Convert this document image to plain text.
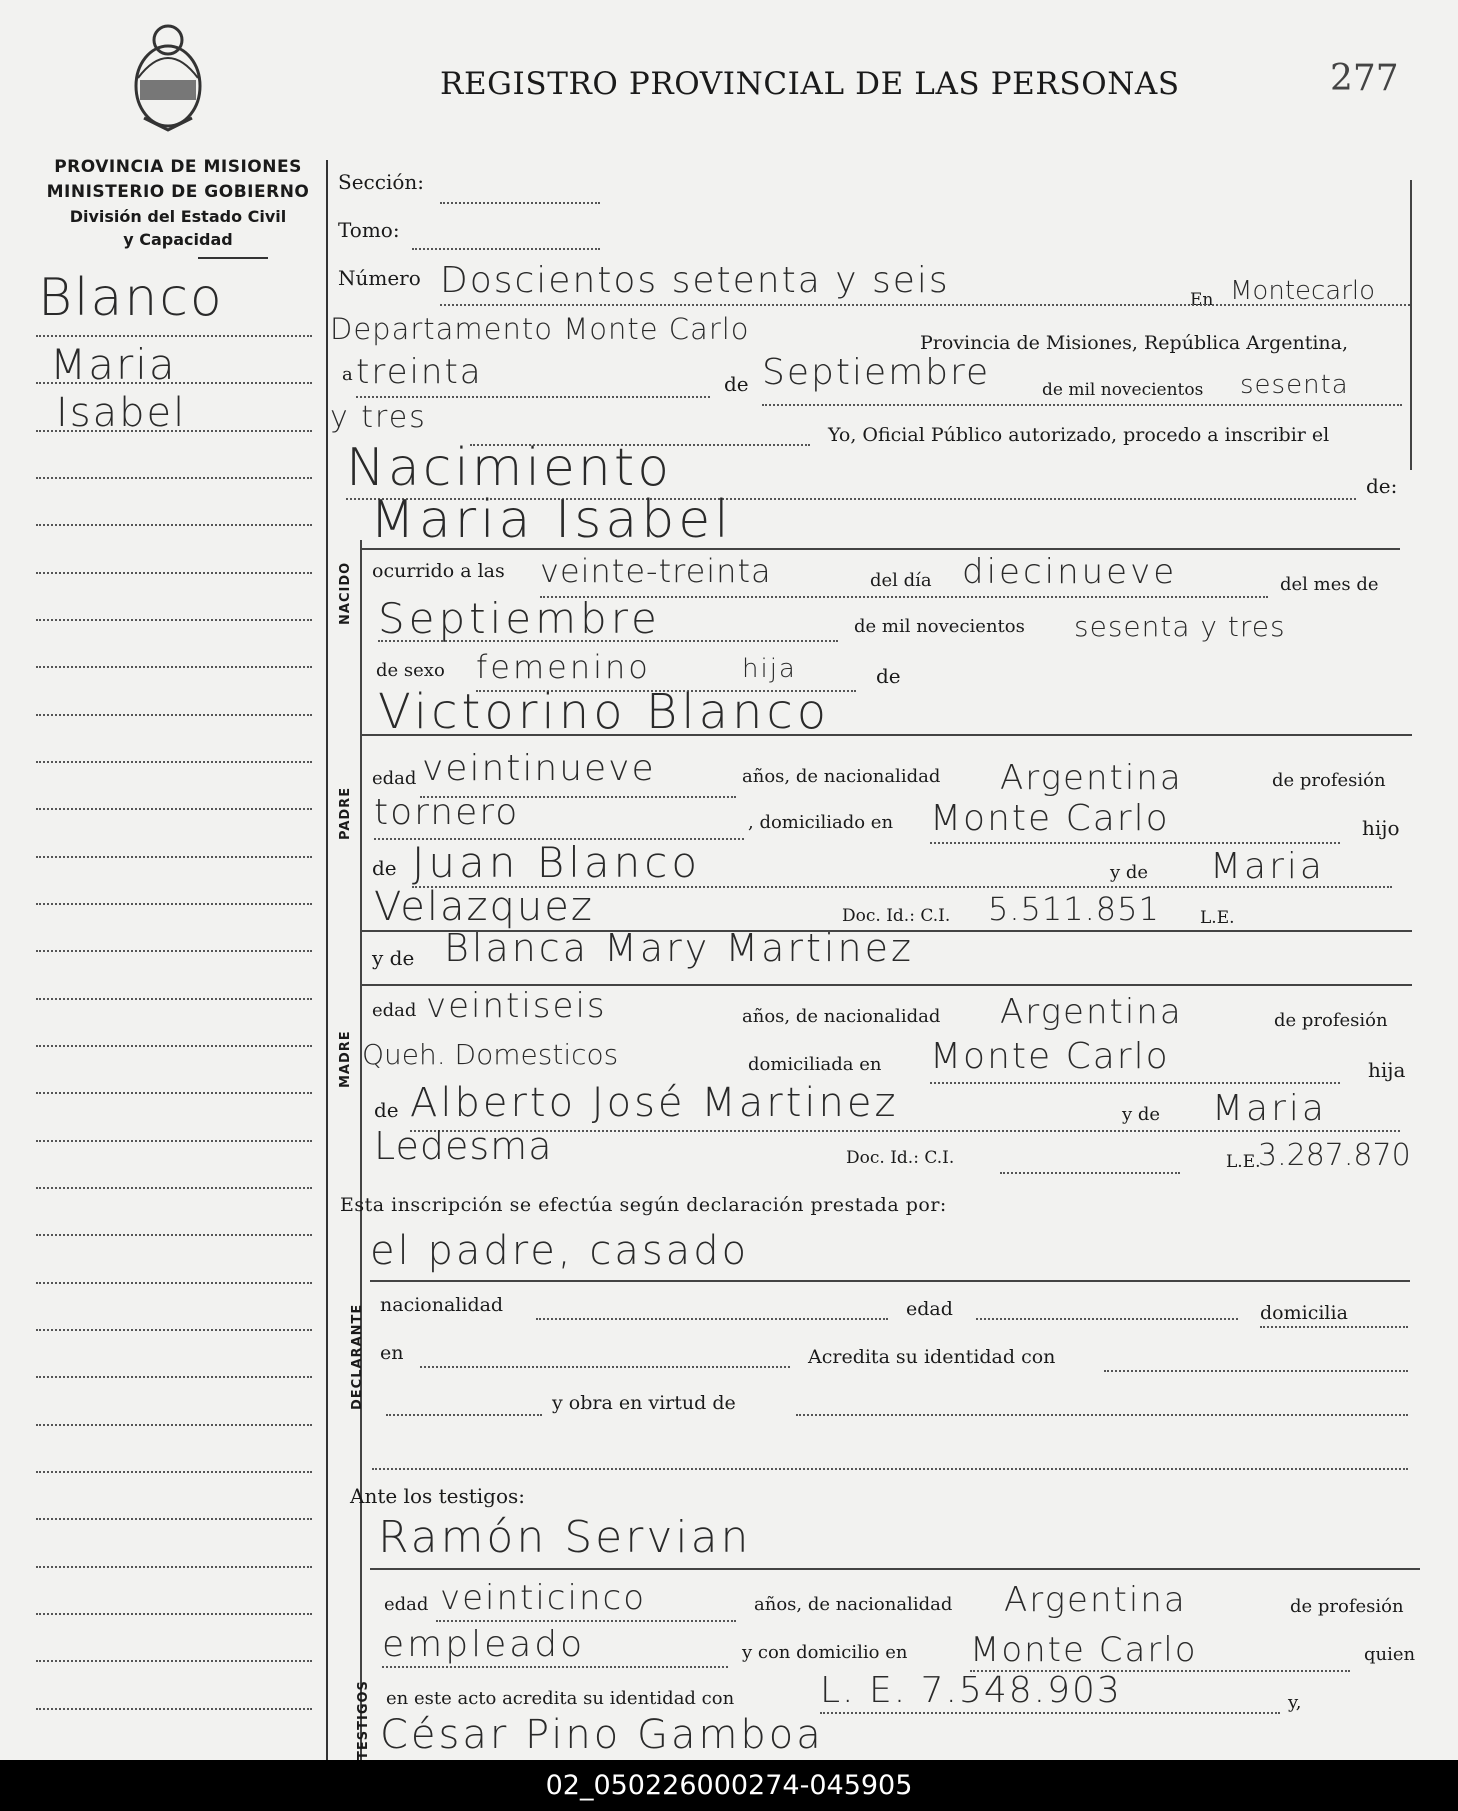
REGISTRO PROVINCIAL DE LAS PERSONAS	277
PROVINCIA DE MISIONES
MINISTERIO DE GOBIERNO
División del Estado Civil
y Capacidad
Blanco
Maria
Isabel
Sección:
Tomo:
Número Doscientos setenta y seis	En Montecarlo
Departamento Monte Carlo	Provincia de Misiones, República Argentina,
a treinta	de Septiembre	de mil novecientos sesenta
y tres	Yo, Oficial Público autorizado, procedo a inscribir el
Nacimiento	de:
Maria Isabel
NACIDO ocurrido a las veinte-treinta	del día diecinueve	del mes de
Septiembre	de mil novecientos sesenta y tres
de sexo femenino	hija	de
Victorino Blanco
PADRE
edad veintinueve	años, de nacionalidad Argentina	de profesión
tornero	, domiciliado en Monte Carlo	hijo
de Juan Blanco	y de Maria
Velazquez	Doc. Id.: C.I. 5.511.851 L.E.
y de Blanca Mary Martinez
MADRE
edad veintiseis	años, de nacionalidad Argentina	de profesión
Queh. Domesticos	domiciliada en Monte Carlo	hija
de Alberto José Martinez	y de Maria
Ledesma	Doc. Id.: C.I.	L.E.
3.287.870
Esta inscripción se efectúa según declaración prestada por:
DECLARANTE
el padre, casado
nacionalidad	edad	domicilia
en	Acredita su identidad con
y obra en virtud de
Ante los testigos:
TESTIGOS
Ramón Servian
edad veinticinco	años, de nacionalidad Argentina	de profesión
empleado	y con domicilio en Monte Carlo	quien
en este acto acredita su identidad con L. E. 7.548.903	y,
César Pino Gamboa
02_050226000274-045905
